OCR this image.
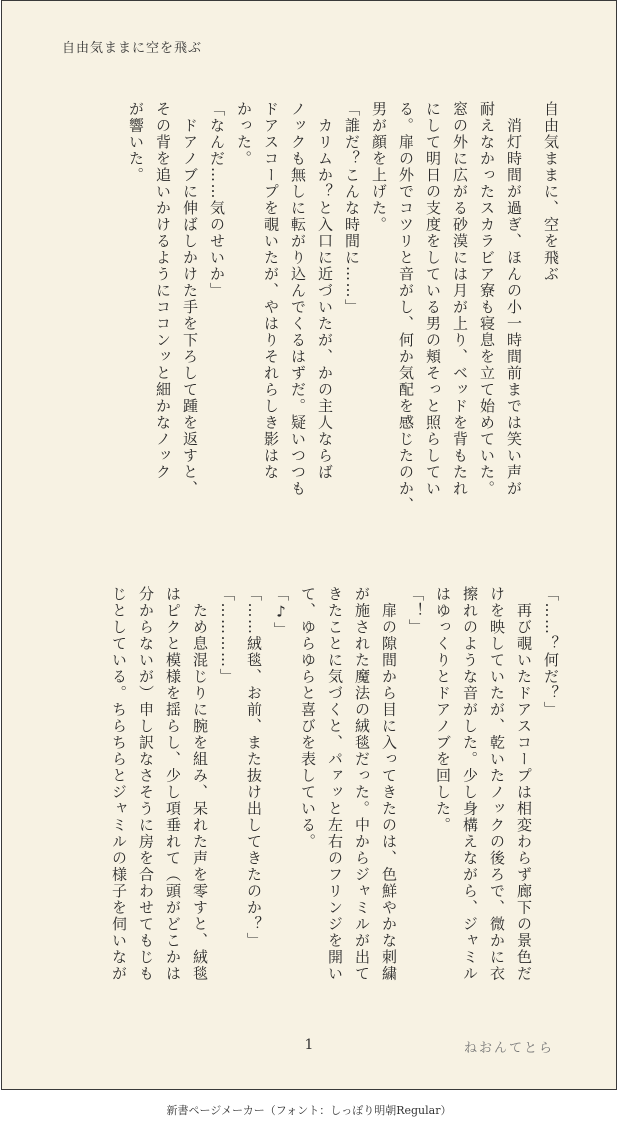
自由気ままに空を飛ぶ

自由気ままに、空を飛ぶ

　消灯時間が過ぎ、ほんの小一時間前までは笑い声が

耐えなかったスカラビア寮も寝息を立て始めていた。

窓の外に広がる砂漠には月が上り、ベッドを背もたれ

にして明日の支度をしている男の頬そっと照らしてい

る。扉の外でコツリと音がし、何か気配を感じたのか、

男が顔を上げた。

「誰だ？こんな時間に……」

　カリムか？と入口に近づいたが、かの主人ならば

ノックも無しに転がり込んでくるはずだ。疑いつつも

ドアスコープを覗いたが、やはりそれらしき影はな

かった。

「なんだ……気のせいか」

　ドアノブに伸ばしかけた手を下ろして踵を返すと、

その背を追いかけるようにココンッと細かなノック

が響いた。

「……？何だ？」

　再び覗いたドアスコープは相変わらず廊下の景色だ

けを映していたが、乾いたノックの後ろで、微かに衣

擦れのような音がした。少し身構えながら、ジャミル

はゆっくりとドアノブを回した。

「！」

　扉の隙間から目に入ってきたのは、色鮮やかな刺繍

が施された魔法の絨毯だった。中からジャミルが出て

きたことに気づくと、パァッと左右のフリンジを開い

て、ゆらゆらと喜びを表している。

「♪」

「……絨毯、お前、また抜け出してきたのか？」

「…………」

　ため息混じりに腕を組み、呆れた声を零すと、絨毯

はピクと模様を揺らし、少し項垂れて（頭がどこかは

分からないが）申し訳なさそうに房を合わせてもじも

じとしている。ちらちらとジャミルの様子を伺いなが

1	ねおんてとら
新書ページメーカー（フォント：しっぽり明朝Regular）
